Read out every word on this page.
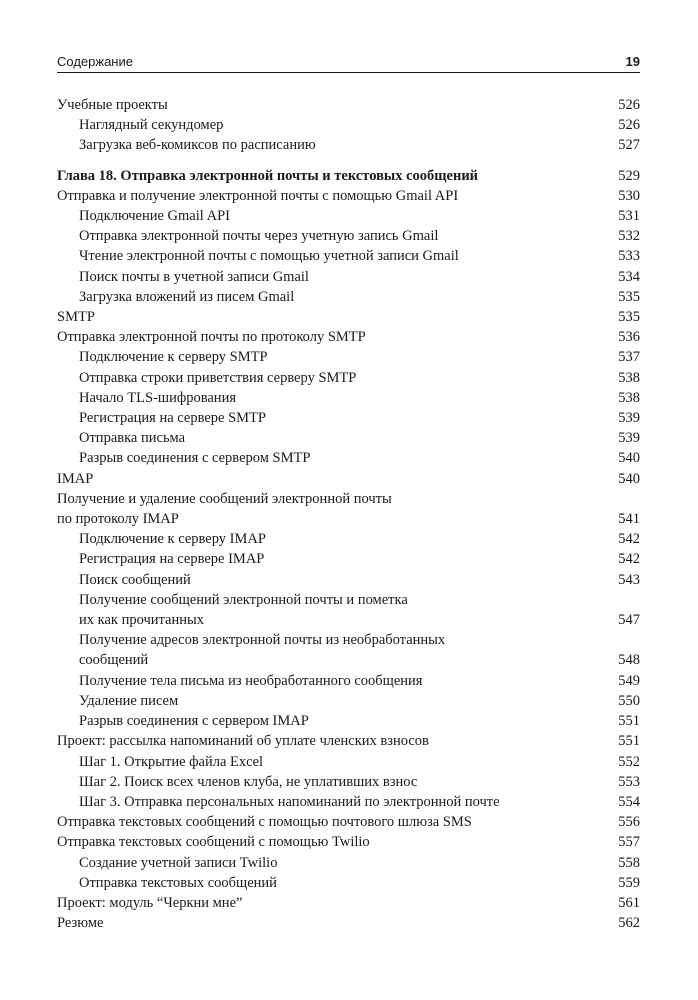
Содержание	19
Учебные проекты	526
Наглядный секундомер	526
Загрузка веб-комиксов по расписанию	527
Глава 18. Отправка электронной почты и текстовых сообщений	529
Отправка и получение электронной почты с помощью Gmail API	530
Подключение Gmail API	531
Отправка электронной почты через учетную запись Gmail	532
Чтение электронной почты с помощью учетной записи Gmail	533
Поиск почты в учетной записи Gmail	534
Загрузка вложений из писем Gmail	535
SMTP	535
Отправка электронной почты по протоколу SMTP	536
Подключение к серверу SMTP	537
Отправка строки приветствия серверу SMTP	538
Начало TLS-шифрования	538
Регистрация на сервере SMTP	539
Отправка письма	539
Разрыв соединения с сервером SMTP	540
IMAP	540
Получение и удаление сообщений электронной почты
по протоколу IMAP	541
Подключение к серверу IMAP	542
Регистрация на сервере IMAP	542
Поиск сообщений	543
Получение сообщений электронной почты и пометка
их как прочитанных	547
Получение адресов электронной почты из необработанных
сообщений	548
Получение тела письма из необработанного сообщения	549
Удаление писем	550
Разрыв соединения с сервером IMAP	551
Проект: рассылка напоминаний об уплате членских взносов	551
Шаг 1. Открытие файла Excel	552
Шаг 2. Поиск всех членов клуба, не уплативших взнос	553
Шаг 3. Отправка персональных напоминаний по электронной почте	554
Отправка текстовых сообщений с помощью почтового шлюза SMS	556
Отправка текстовых сообщений с помощью Twilio	557
Создание учетной записи Twilio	558
Отправка текстовых сообщений	559
Проект: модуль “Черкни мне”	561
Резюме	562
